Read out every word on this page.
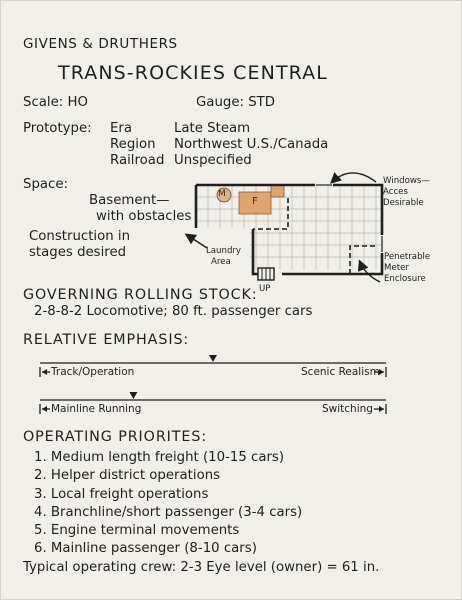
GIVENS & DRUTHERS
TRANS-ROCKIES CENTRAL
Scale: HO	Gauge: STD
Prototype: Era	Late Steam
Region Northwest U.S./Canada
Railroad Unspecified
Space:
Basement—
with obstacles
Construction in
stages desired
M
F
Laundry
Area
UP
Windows—
Acces
Desirable
Penetrable
Meter
Enclosure
GOVERNING ROLLING STOCK:
2-8-8-2 Locomotive; 80 ft. passenger cars
RELATIVE EMPHASIS:
Track/Operation	Scenic Realism
Mainline Running	Switching
OPERATING PRIORITES:
1. Medium length freight (10-15 cars)
2. Helper district operations
3. Local freight operations
4. Branchline/short passenger (3-4 cars)
5. Engine terminal movements
6. Mainline passenger (8-10 cars)
Typical operating crew: 2-3 Eye level (owner) = 61 in.
